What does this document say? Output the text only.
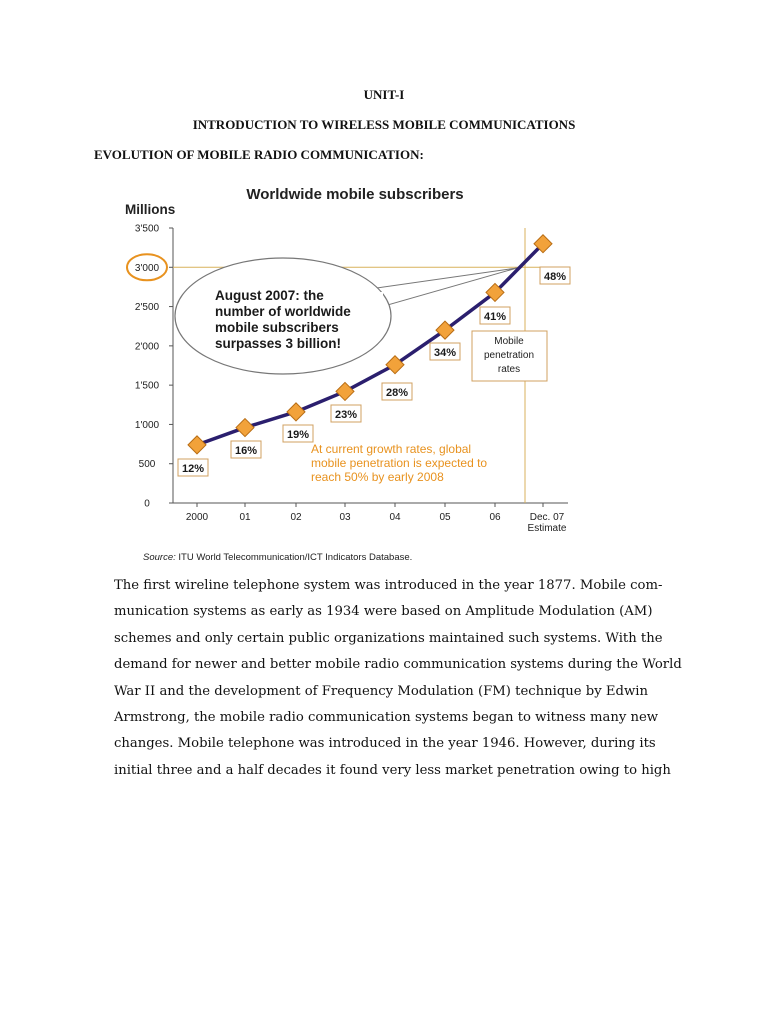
UNIT-I
INTRODUCTION TO WIRELESS MOBILE COMMUNICATIONS
EVOLUTION OF MOBILE RADIO COMMUNICATION:
Worldwide mobile subscribers
Millions
0
500
1'000
1'500
2'000
2'500
3'000
3'500
2000	01	02	03	04	05	06	Dec. 07
Estimate
August 2007: the
number of worldwide
mobile subscribers
surpasses 3 billion!
12%
16%
19%
23%
28%
34%
41%
48%
Mobile
penetration
rates
At current growth rates, global
mobile penetration is expected to
reach 50% by early 2008
Source: ITU World Telecommunication/ICT Indicators Database.
The first wireline telephone system was introduced in the year 1877. Mobile com-
munication systems as early as 1934 were based on Amplitude Modulation (AM)
schemes and only certain public organizations maintained such systems. With the
demand for newer and better mobile radio communication systems during the World
War II and the development of Frequency Modulation (FM) technique by Edwin
Armstrong, the mobile radio communication systems began to witness many new
changes. Mobile telephone was introduced in the year 1946. However, during its
initial three and a half decades it found very less market penetration owing to high
